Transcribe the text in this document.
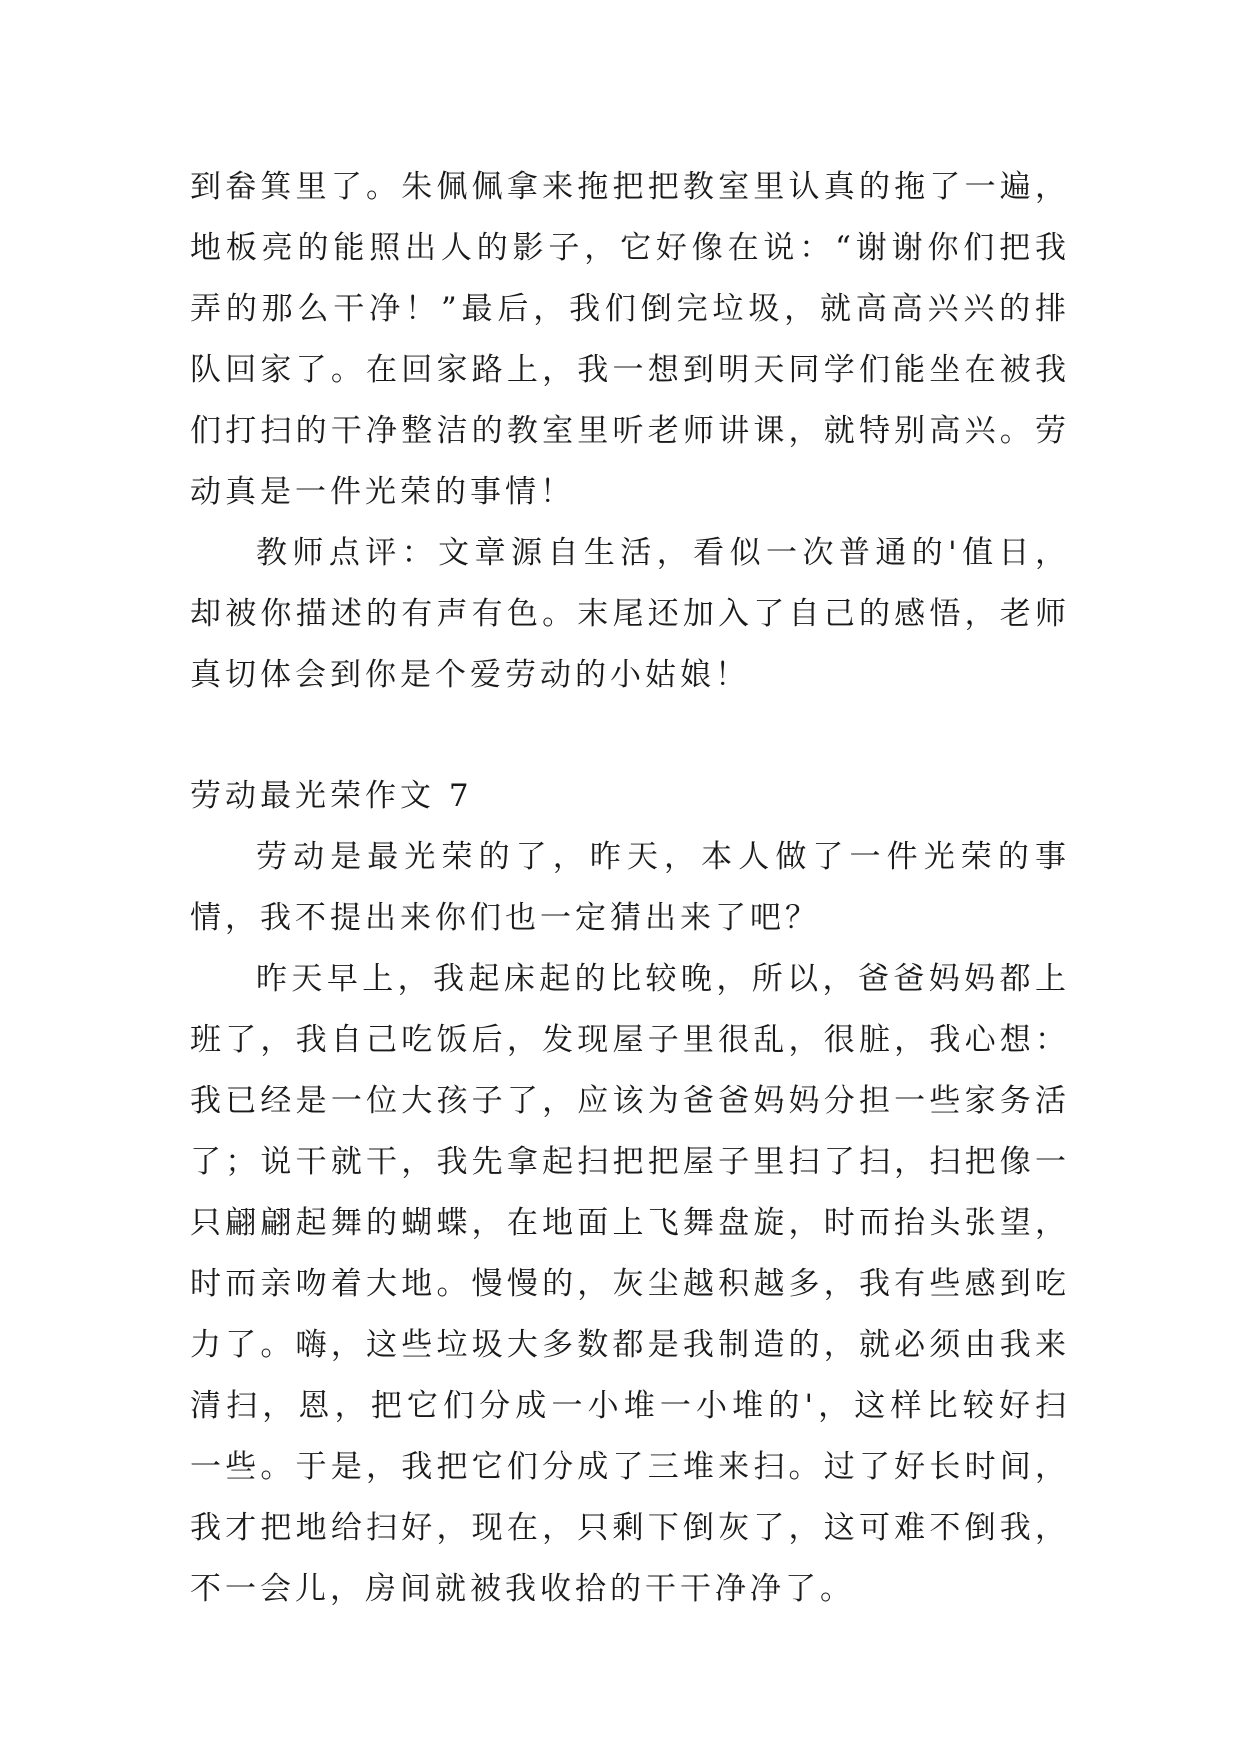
到畚箕里了。朱佩佩拿来拖把把教室里认真的拖了一遍，地板亮的能照出人的影子，它好像在说：“谢谢你们把我弄的那么干净！”最后，我们倒完垃圾，就高高兴兴的排队回家了。在回家路上，我一想到明天同学们能坐在被我们打扫的干净整洁的教室里听老师讲课，就特别高兴。劳动真是一件光荣的事情！

教师点评：文章源自生活，看似一次普通的'值日，却被你描述的有声有色。末尾还加入了自己的感悟，老师真切体会到你是个爱劳动的小姑娘！

劳动最光荣作文 7

劳动是最光荣的了，昨天，本人做了一件光荣的事情，我不提出来你们也一定猜出来了吧？

昨天早上，我起床起的比较晚，所以，爸爸妈妈都上班了，我自己吃饭后，发现屋子里很乱，很脏，我心想：我已经是一位大孩子了，应该为爸爸妈妈分担一些家务活了；说干就干，我先拿起扫把把屋子里扫了扫，扫把像一只翩翩起舞的蝴蝶，在地面上飞舞盘旋，时而抬头张望，时而亲吻着大地。慢慢的，灰尘越积越多，我有些感到吃力了。嗨，这些垃圾大多数都是我制造的，就必须由我来清扫，恩，把它们分成一小堆一小堆的'，这样比较好扫一些。于是，我把它们分成了三堆来扫。过了好长时间，我才把地给扫好，现在，只剩下倒灰了，这可难不倒我，不一会儿，房间就被我收拾的干干净净了。
